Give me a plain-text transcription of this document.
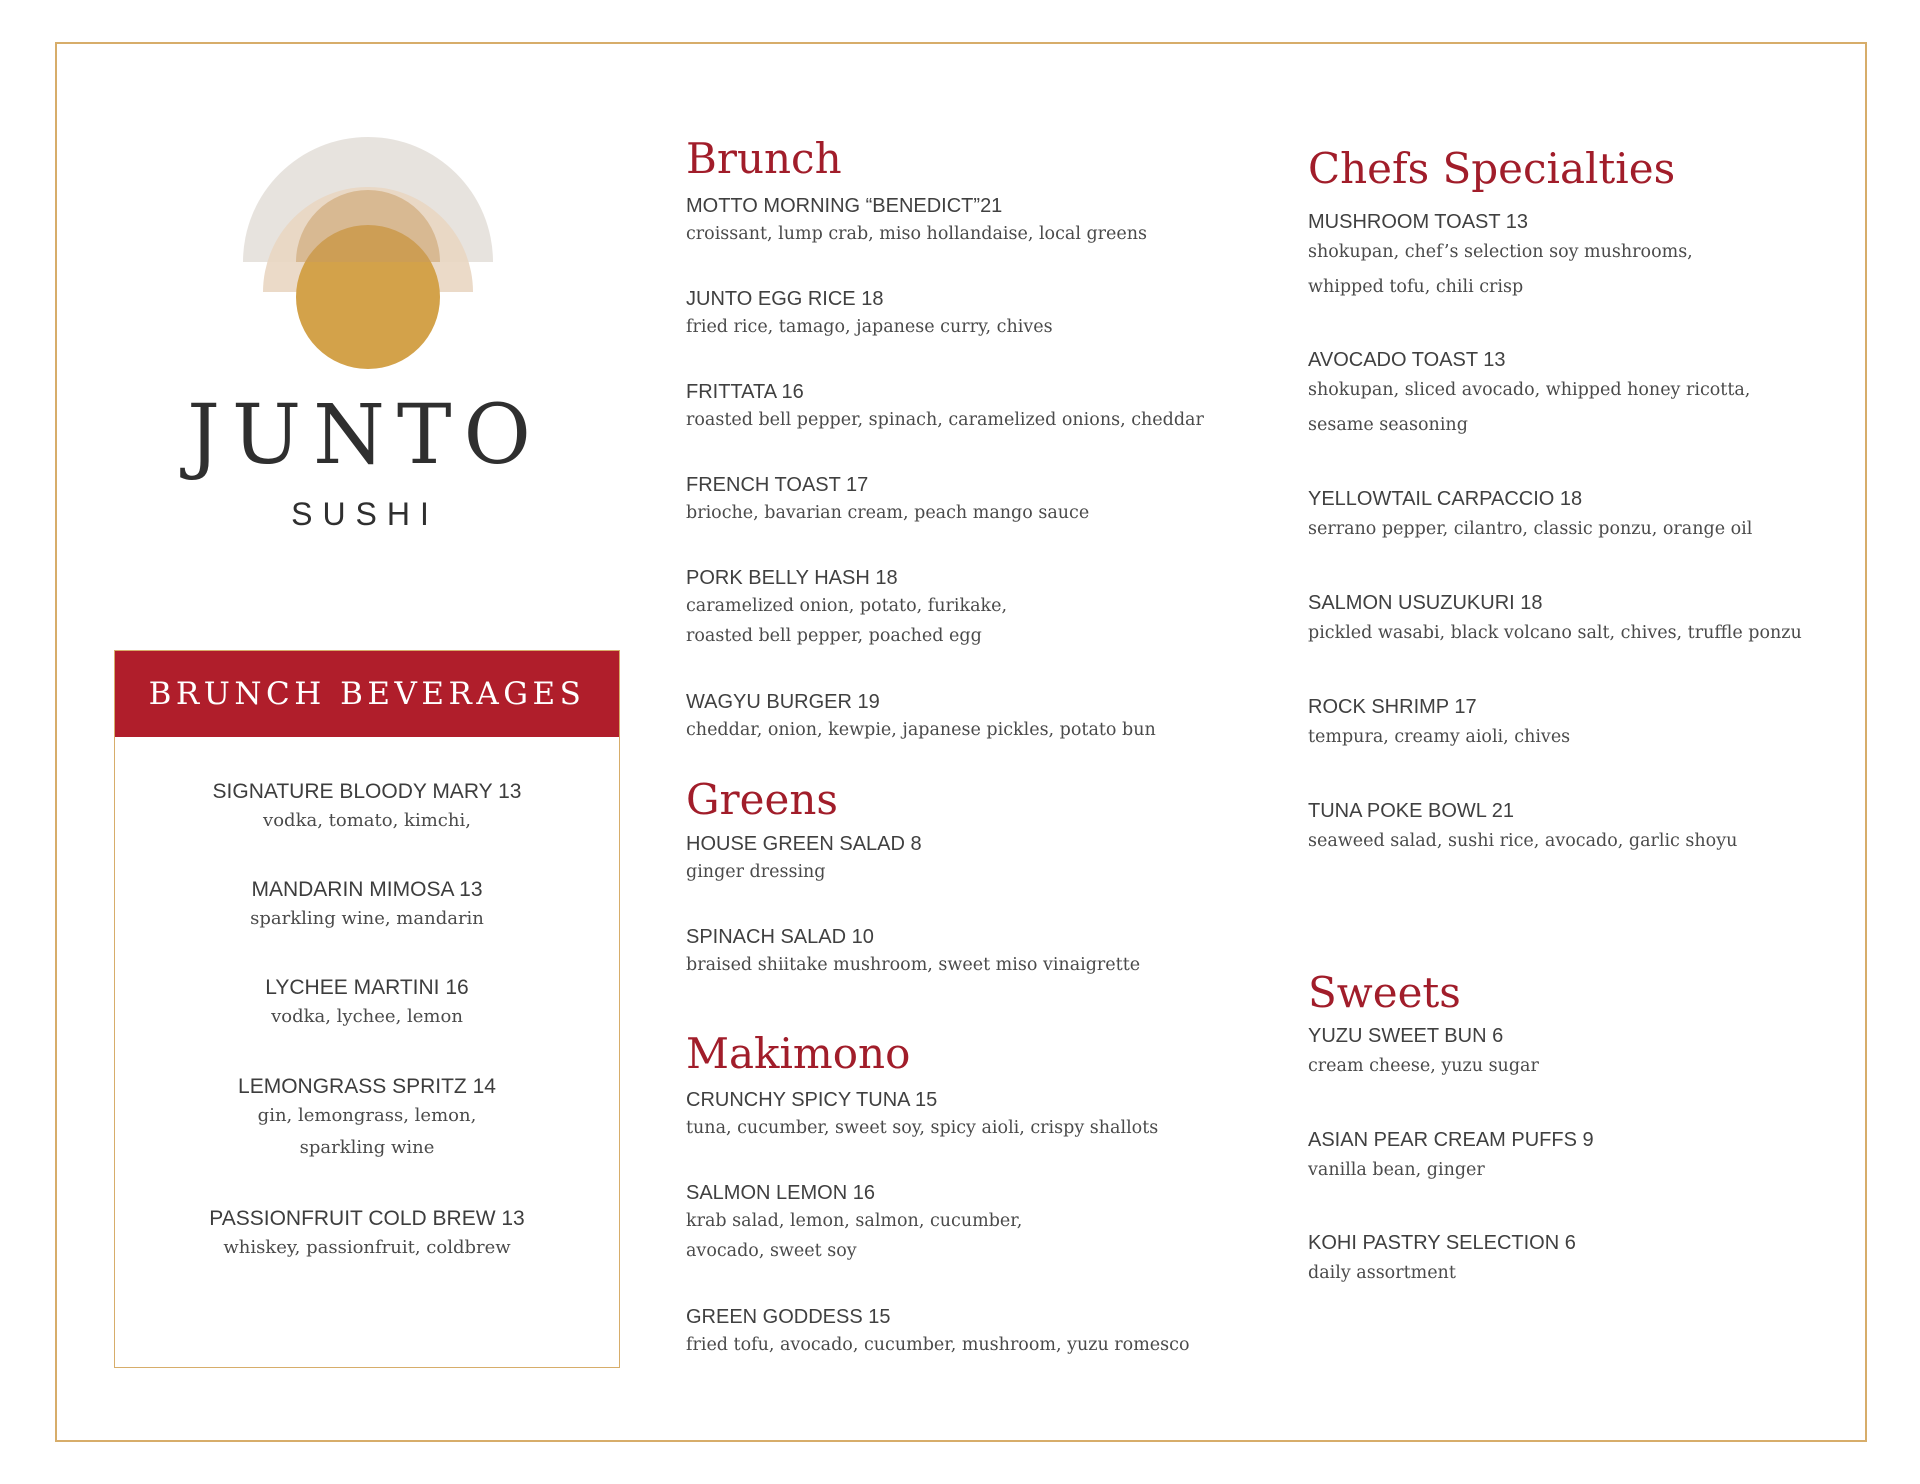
JUNTO
SUSHI
BRUNCH BEVERAGES
SIGNATURE BLOODY MARY 13
vodka, tomato, kimchi,
MANDARIN MIMOSA 13
sparkling wine, mandarin
LYCHEE MARTINI 16
vodka, lychee, lemon
LEMONGRASS SPRITZ 14
gin, lemongrass, lemon,
sparkling wine
PASSIONFRUIT COLD BREW 13
whiskey, passionfruit, coldbrew
Brunch
MOTTO MORNING “BENEDICT”21
croissant, lump crab, miso hollandaise, local greens
JUNTO EGG RICE 18
fried rice, tamago, japanese curry, chives
FRITTATA 16
roasted bell pepper, spinach, caramelized onions, cheddar
FRENCH TOAST 17
brioche, bavarian cream, peach mango sauce
PORK BELLY HASH 18
caramelized onion, potato, furikake,
roasted bell pepper, poached egg
WAGYU BURGER 19
cheddar, onion, kewpie, japanese pickles, potato bun
Greens
HOUSE GREEN SALAD 8
ginger dressing
SPINACH SALAD 10
braised shiitake mushroom, sweet miso vinaigrette
Makimono
CRUNCHY SPICY TUNA 15
tuna, cucumber, sweet soy, spicy aioli, crispy shallots
SALMON LEMON 16
krab salad, lemon, salmon, cucumber,
avocado, sweet soy
GREEN GODDESS 15
fried tofu, avocado, cucumber, mushroom, yuzu romesco
Chefs Specialties
MUSHROOM TOAST 13
shokupan, chef’s selection soy mushrooms,
whipped tofu, chili crisp
AVOCADO TOAST 13
shokupan, sliced avocado, whipped honey ricotta,
sesame seasoning
YELLOWTAIL CARPACCIO 18
serrano pepper, cilantro, classic ponzu, orange oil
SALMON USUZUKURI 18
pickled wasabi, black volcano salt, chives, truffle ponzu
ROCK SHRIMP 17
tempura, creamy aioli, chives
TUNA POKE BOWL 21
seaweed salad, sushi rice, avocado, garlic shoyu
Sweets
YUZU SWEET BUN 6
cream cheese, yuzu sugar
ASIAN PEAR CREAM PUFFS 9
vanilla bean, ginger
KOHI PASTRY SELECTION 6
daily assortment
